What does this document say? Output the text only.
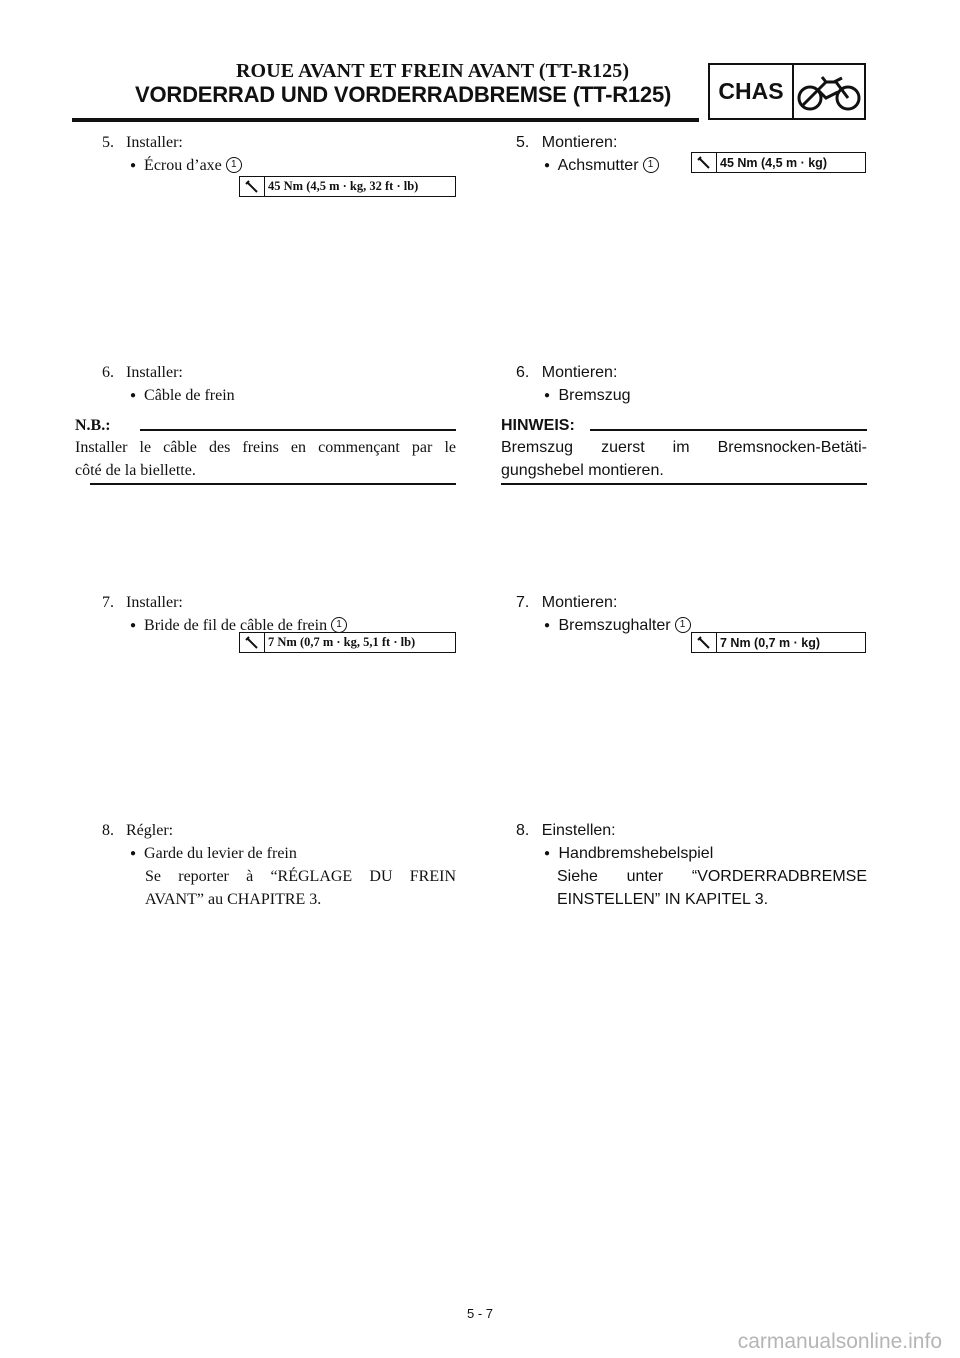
ROUE AVANT ET FREIN AVANT (TT-R125)
VORDERRAD UND VORDERRADBREMSE (TT-R125)	CHAS
5. Installer:
● Écrou d’axe 1
45 Nm (4,5 m · kg, 32 ft · lb)
6. Installer:
● Câble de frein
N.B.:
Installer le câble des freins en commençant par le
côté de la biellette.
7. Installer:
● Bride de fil de câble de frein 1
7 Nm (0,7 m · kg, 5,1 ft · lb)
8. Régler:
● Garde du levier de frein
Se reporter à “RÉGLAGE DU FREIN
AVANT” au CHAPITRE 3.
5. Montieren:
● Achsmutter 1	45 Nm (4,5 m · kg)
6. Montieren:
● Bremszug
HINWEIS:
Bremszug zuerst im Bremsnocken-Betäti-
gungshebel montieren.
7. Montieren:
● Bremszughalter 1
7 Nm (0,7 m · kg)
8. Einstellen:
● Handbremshebelspiel
Siehe unter “VORDERRADBREMSE
EINSTELLEN” IN KAPITEL 3.
5 - 7
carmanualsonline.info
